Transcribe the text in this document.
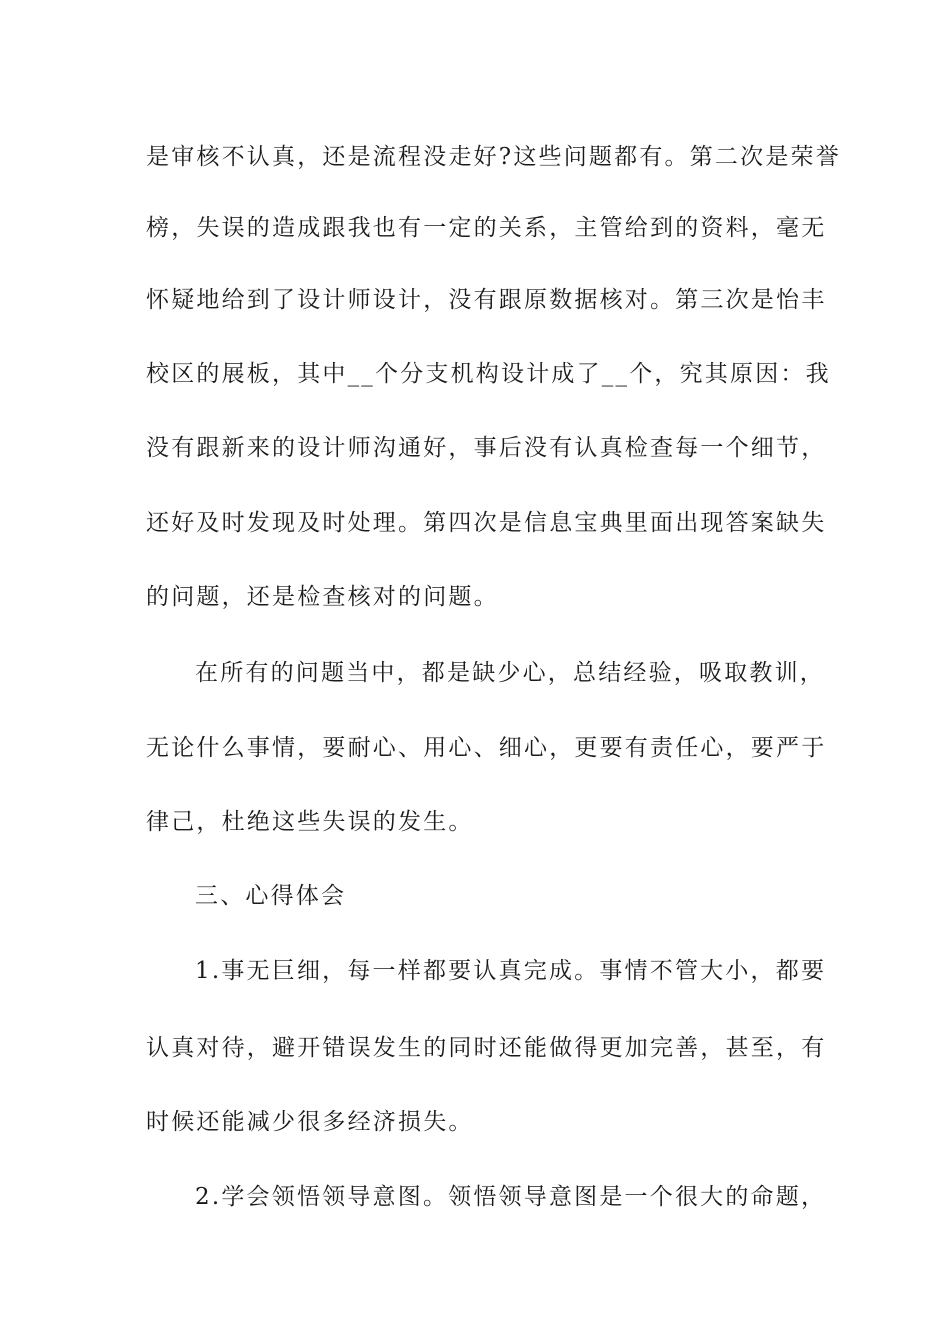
是审核不认真，还是流程没走好?这些问题都有。第二次是荣誉
榜，失误的造成跟我也有一定的关系，主管给到的资料，毫无
怀疑地给到了设计师设计，没有跟原数据核对。第三次是怡丰
校区的展板，其中__个分支机构设计成了__个，究其原因：我
没有跟新来的设计师沟通好，事后没有认真检查每一个细节，
还好及时发现及时处理。第四次是信息宝典里面出现答案缺失
的问题，还是检查核对的问题。
在所有的问题当中，都是缺少心，总结经验，吸取教训，
无论什么事情，要耐心、用心、细心，更要有责任心，要严于
律己，杜绝这些失误的发生。
三、心得体会
1.事无巨细，每一样都要认真完成。事情不管大小，都要
认真对待，避开错误发生的同时还能做得更加完善，甚至，有
时候还能减少很多经济损失。
2.学会领悟领导意图。领悟领导意图是一个很大的命题，
